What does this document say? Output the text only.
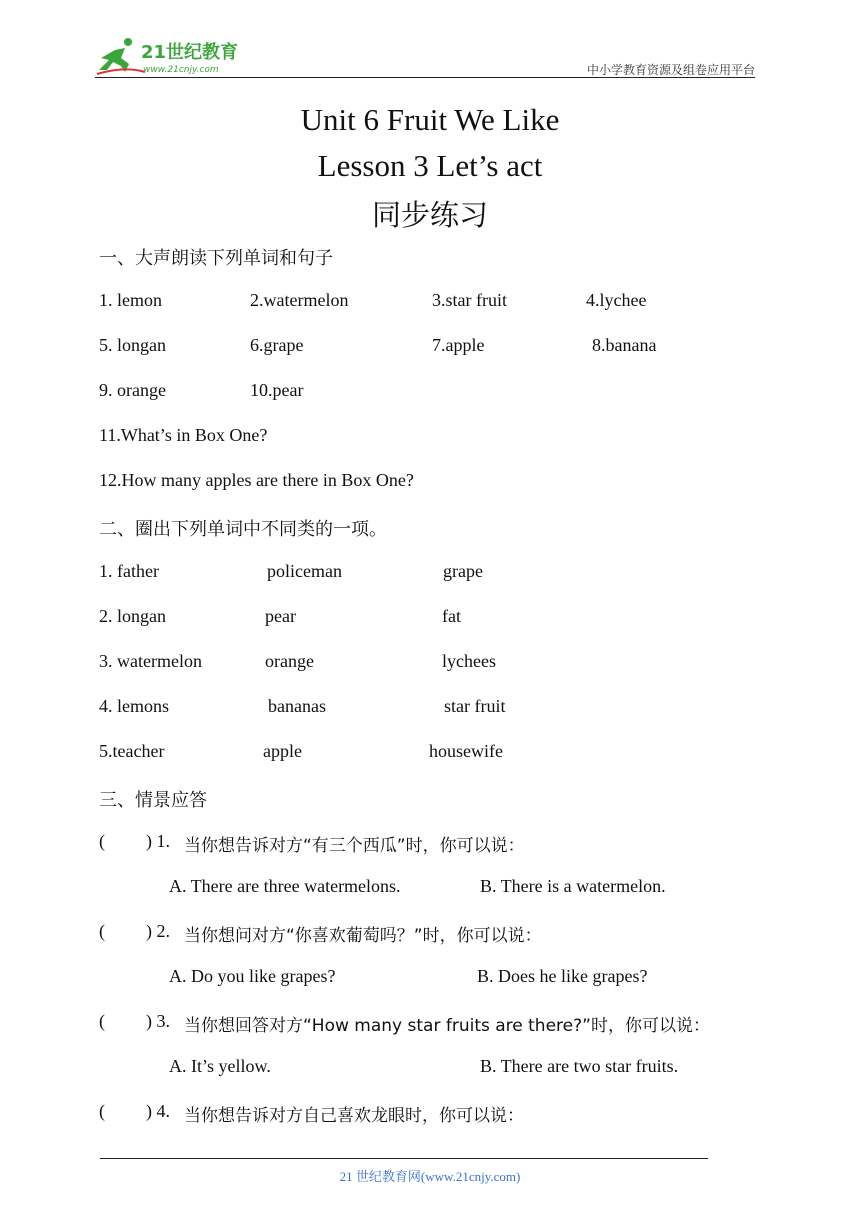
21世纪教育
www.21cnjy.com	中小学教育资源及组卷应用平台
Unit 6 Fruit We Like
Lesson 3 Let’s act
同步练习
一、大声朗读下列单词和句子
1. lemon	2.watermelon	3.star fruit	4.lychee
5. longan	6.grape	7.apple	8.banana
9. orange	10.pear
11.What’s in Box One?
12.How many apples are there in Box One?
二、圈出下列单词中不同类的一项。
1. father	policeman	grape
2. longan	pear	fat
3. watermelon	orange	lychees
4. lemons	bananas	star fruit
5.teacher	apple	housewife
三、情景应答
( ) 1. 当你想告诉对方“有三个西瓜”时，你可以说：
A. There are three watermelons.	B. There is a watermelon.
( ) 2. 当你想问对方“你喜欢葡萄吗？”时，你可以说：
A. Do you like grapes?	B. Does he like grapes?
( ) 3. 当你想回答对方“How many star fruits are there?”时，你可以说：
A. It’s yellow.	B. There are two star fruits.
( ) 4. 当你想告诉对方自己喜欢龙眼时，你可以说：
21 世纪教育网(www.21cnjy.com)
